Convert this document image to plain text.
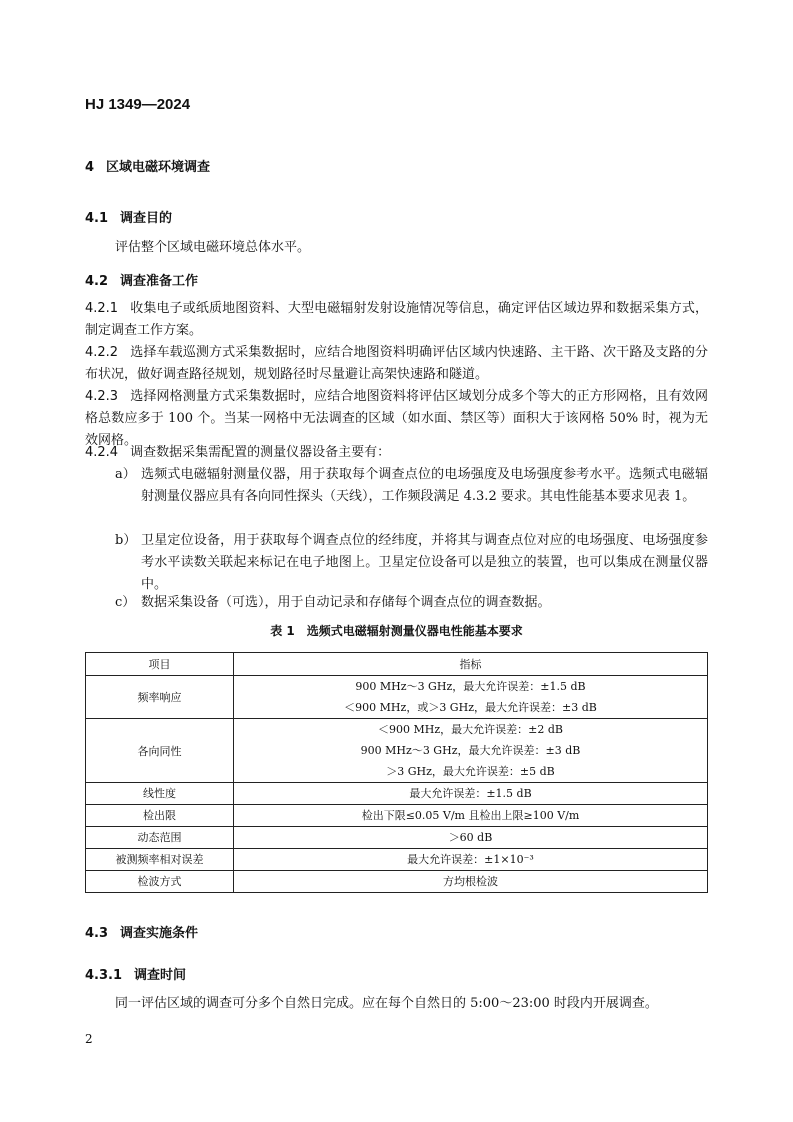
HJ 1349—2024
4 区域电磁环境调查
4.1 调查目的
评估整个区域电磁环境总体水平。
4.2 调查准备工作
4.2.1 收集电子或纸质地图资料、大型电磁辐射发射设施情况等信息，确定评估区域边界和数据采集方式，制定调查工作方案。
4.2.2 选择车载巡测方式采集数据时，应结合地图资料明确评估区域内快速路、主干路、次干路及支路的分布状况，做好调查路径规划，规划路径时尽量避让高架快速路和隧道。
4.2.3 选择网格测量方式采集数据时，应结合地图资料将评估区域划分成多个等大的正方形网格，且有效网格总数应多于 100 个。当某一网格中无法调查的区域（如水面、禁区等）面积大于该网格 50% 时，视为无效网格。
4.2.4 调查数据采集需配置的测量仪器设备主要有：
a） 选频式电磁辐射测量仪器，用于获取每个调查点位的电场强度及电场强度参考水平。选频式电磁辐射测量仪器应具有各向同性探头（天线），工作频段满足 4.3.2 要求。其电性能基本要求见表 1。
b） 卫星定位设备，用于获取每个调查点位的经纬度，并将其与调查点位对应的电场强度、电场强度参考水平读数关联起来标记在电子地图上。卫星定位设备可以是独立的装置，也可以集成在测量仪器中。
c） 数据采集设备（可选），用于自动记录和存储每个调查点位的调查数据。
表 1 选频式电磁辐射测量仪器电性能基本要求
项目	指标
频率响应	900 MHz～3 GHz，最大允许误差：±1.5 dB
＜900 MHz，或＞3 GHz，最大允许误差：±3 dB

各向同性	＜900 MHz，最大允许误差：±2 dB
900 MHz～3 GHz，最大允许误差：±3 dB
＞3 GHz，最大允许误差：±5 dB

线性度	最大允许误差：±1.5 dB
检出限	检出下限≤0.05 V/m 且检出上限≥100 V/m
动态范围	＞60 dB
被测频率相对误差	最大允许误差：±1×10⁻³
检波方式	方均根检波
4.3 调查实施条件
4.3.1 调查时间
同一评估区域的调查可分多个自然日完成。应在每个自然日的 5:00～23:00 时段内开展调查。
2
